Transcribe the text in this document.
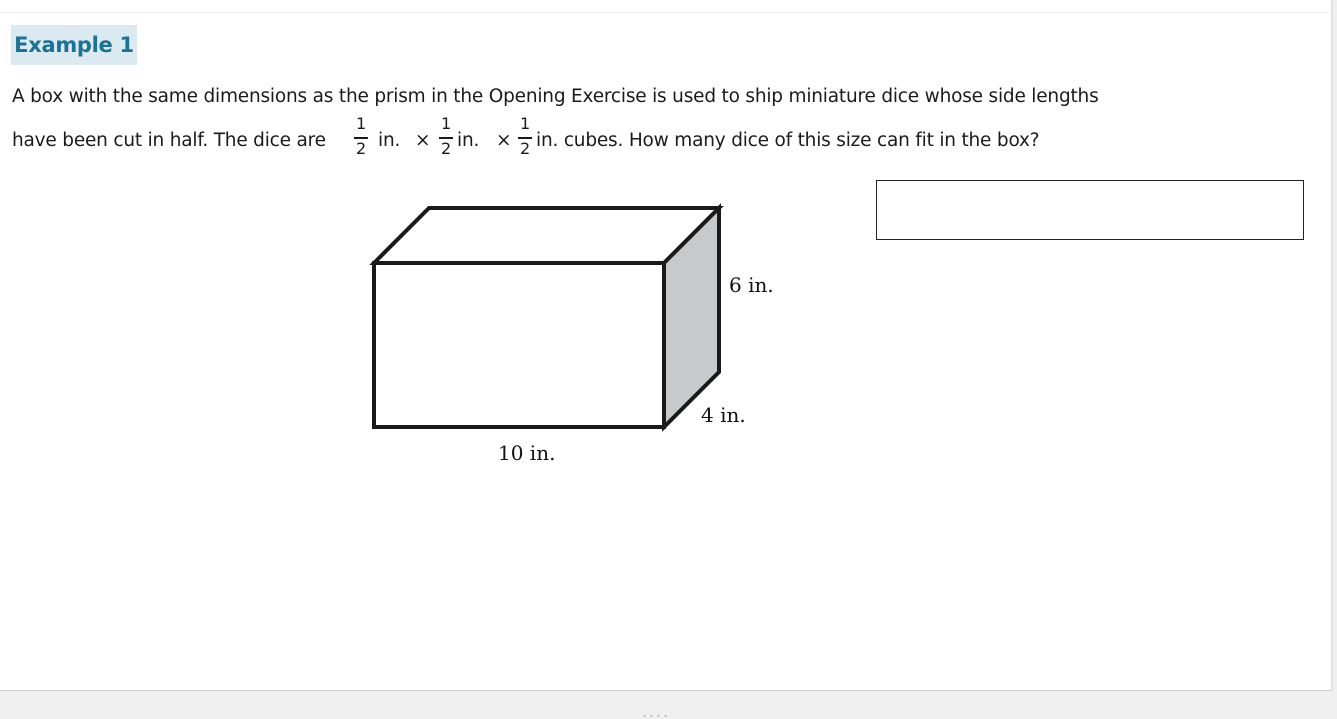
Example 1
A box with the same dimensions as the prism in the Opening Exercise is used to ship miniature dice whose side lengths
have been cut in half. The dice are
1
2 in. ×
1
2 in. ×
1
2 in. cubes. How many dice of this size can fit in the box?
6 in.
4 in.
10 in.
